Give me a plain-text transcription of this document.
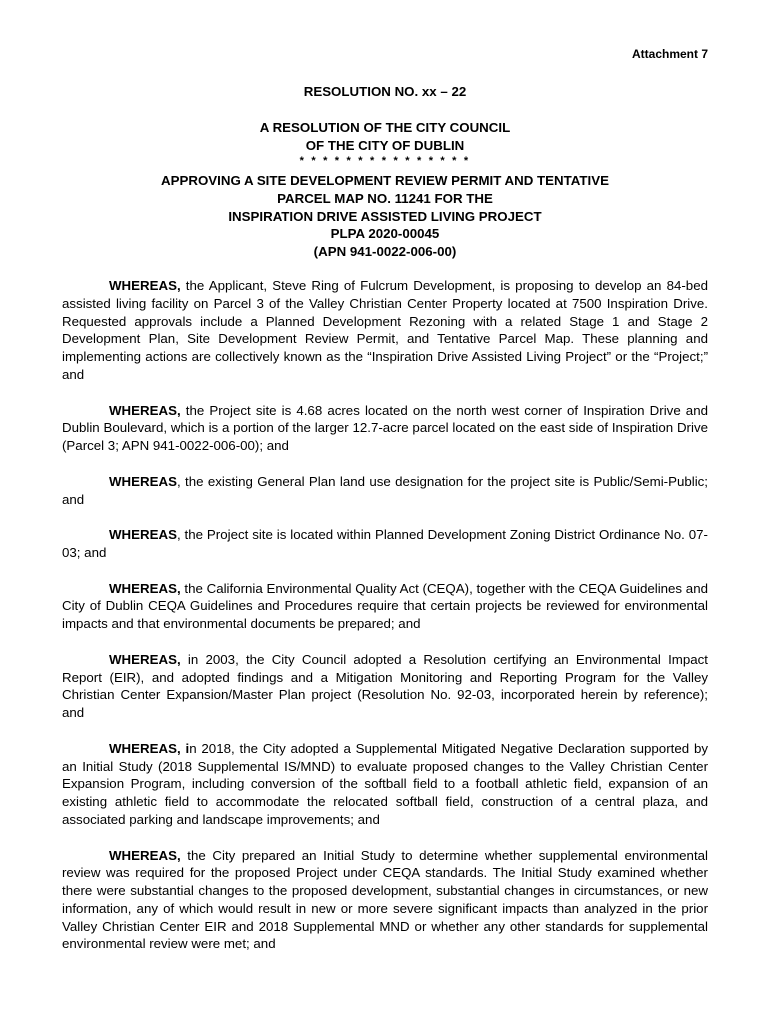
Attachment 7
RESOLUTION NO. xx – 22
A RESOLUTION OF THE CITY COUNCIL
OF THE CITY OF DUBLIN
* * * * * * * * * * * * * * *
APPROVING A SITE DEVELOPMENT REVIEW PERMIT AND TENTATIVE
PARCEL MAP NO. 11241 FOR THE
INSPIRATION DRIVE ASSISTED LIVING PROJECT
PLPA 2020-00045
(APN 941-0022-006-00)

WHEREAS, the Applicant, Steve Ring of Fulcrum Development, is proposing to develop an 84-bed assisted living facility on Parcel 3 of the Valley Christian Center Property located at 7500 Inspiration Drive. Requested approvals include a Planned Development Rezoning with a related Stage 1 and Stage 2 Development Plan, Site Development Review Permit, and Tentative Parcel Map. These planning and implementing actions are collectively known as the “Inspiration Drive Assisted Living Project” or the “Project;” and

WHEREAS, the Project site is 4.68 acres located on the north west corner of Inspiration Drive and Dublin Boulevard, which is a portion of the larger 12.7-acre parcel located on the east side of Inspiration Drive (Parcel 3; APN 941-0022-006-00); and

WHEREAS, the existing General Plan land use designation for the project site is Public/Semi-Public; and

WHEREAS, the Project site is located within Planned Development Zoning District Ordinance No. 07-03; and

WHEREAS, the California Environmental Quality Act (CEQA), together with the CEQA Guidelines and City of Dublin CEQA Guidelines and Procedures require that certain projects be reviewed for environmental impacts and that environmental documents be prepared; and

WHEREAS, in 2003, the City Council adopted a Resolution certifying an Environmental Impact Report (EIR), and adopted findings and a Mitigation Monitoring and Reporting Program for the Valley Christian Center Expansion/Master Plan project (Resolution No. 92-03, incorporated herein by reference); and

WHEREAS, in 2018, the City adopted a Supplemental Mitigated Negative Declaration supported by an Initial Study (2018 Supplemental IS/MND) to evaluate proposed changes to the Valley Christian Center Expansion Program, including conversion of the softball field to a football athletic field, expansion of an existing athletic field to accommodate the relocated softball field, construction of a central plaza, and associated parking and landscape improvements; and

WHEREAS, the City prepared an Initial Study to determine whether supplemental environmental review was required for the proposed Project under CEQA standards. The Initial Study examined whether there were substantial changes to the proposed development, substantial changes in circumstances, or new information, any of which would result in new or more severe significant impacts than analyzed in the prior Valley Christian Center EIR and 2018 Supplemental MND or whether any other standards for supplemental environmental review were met; and
